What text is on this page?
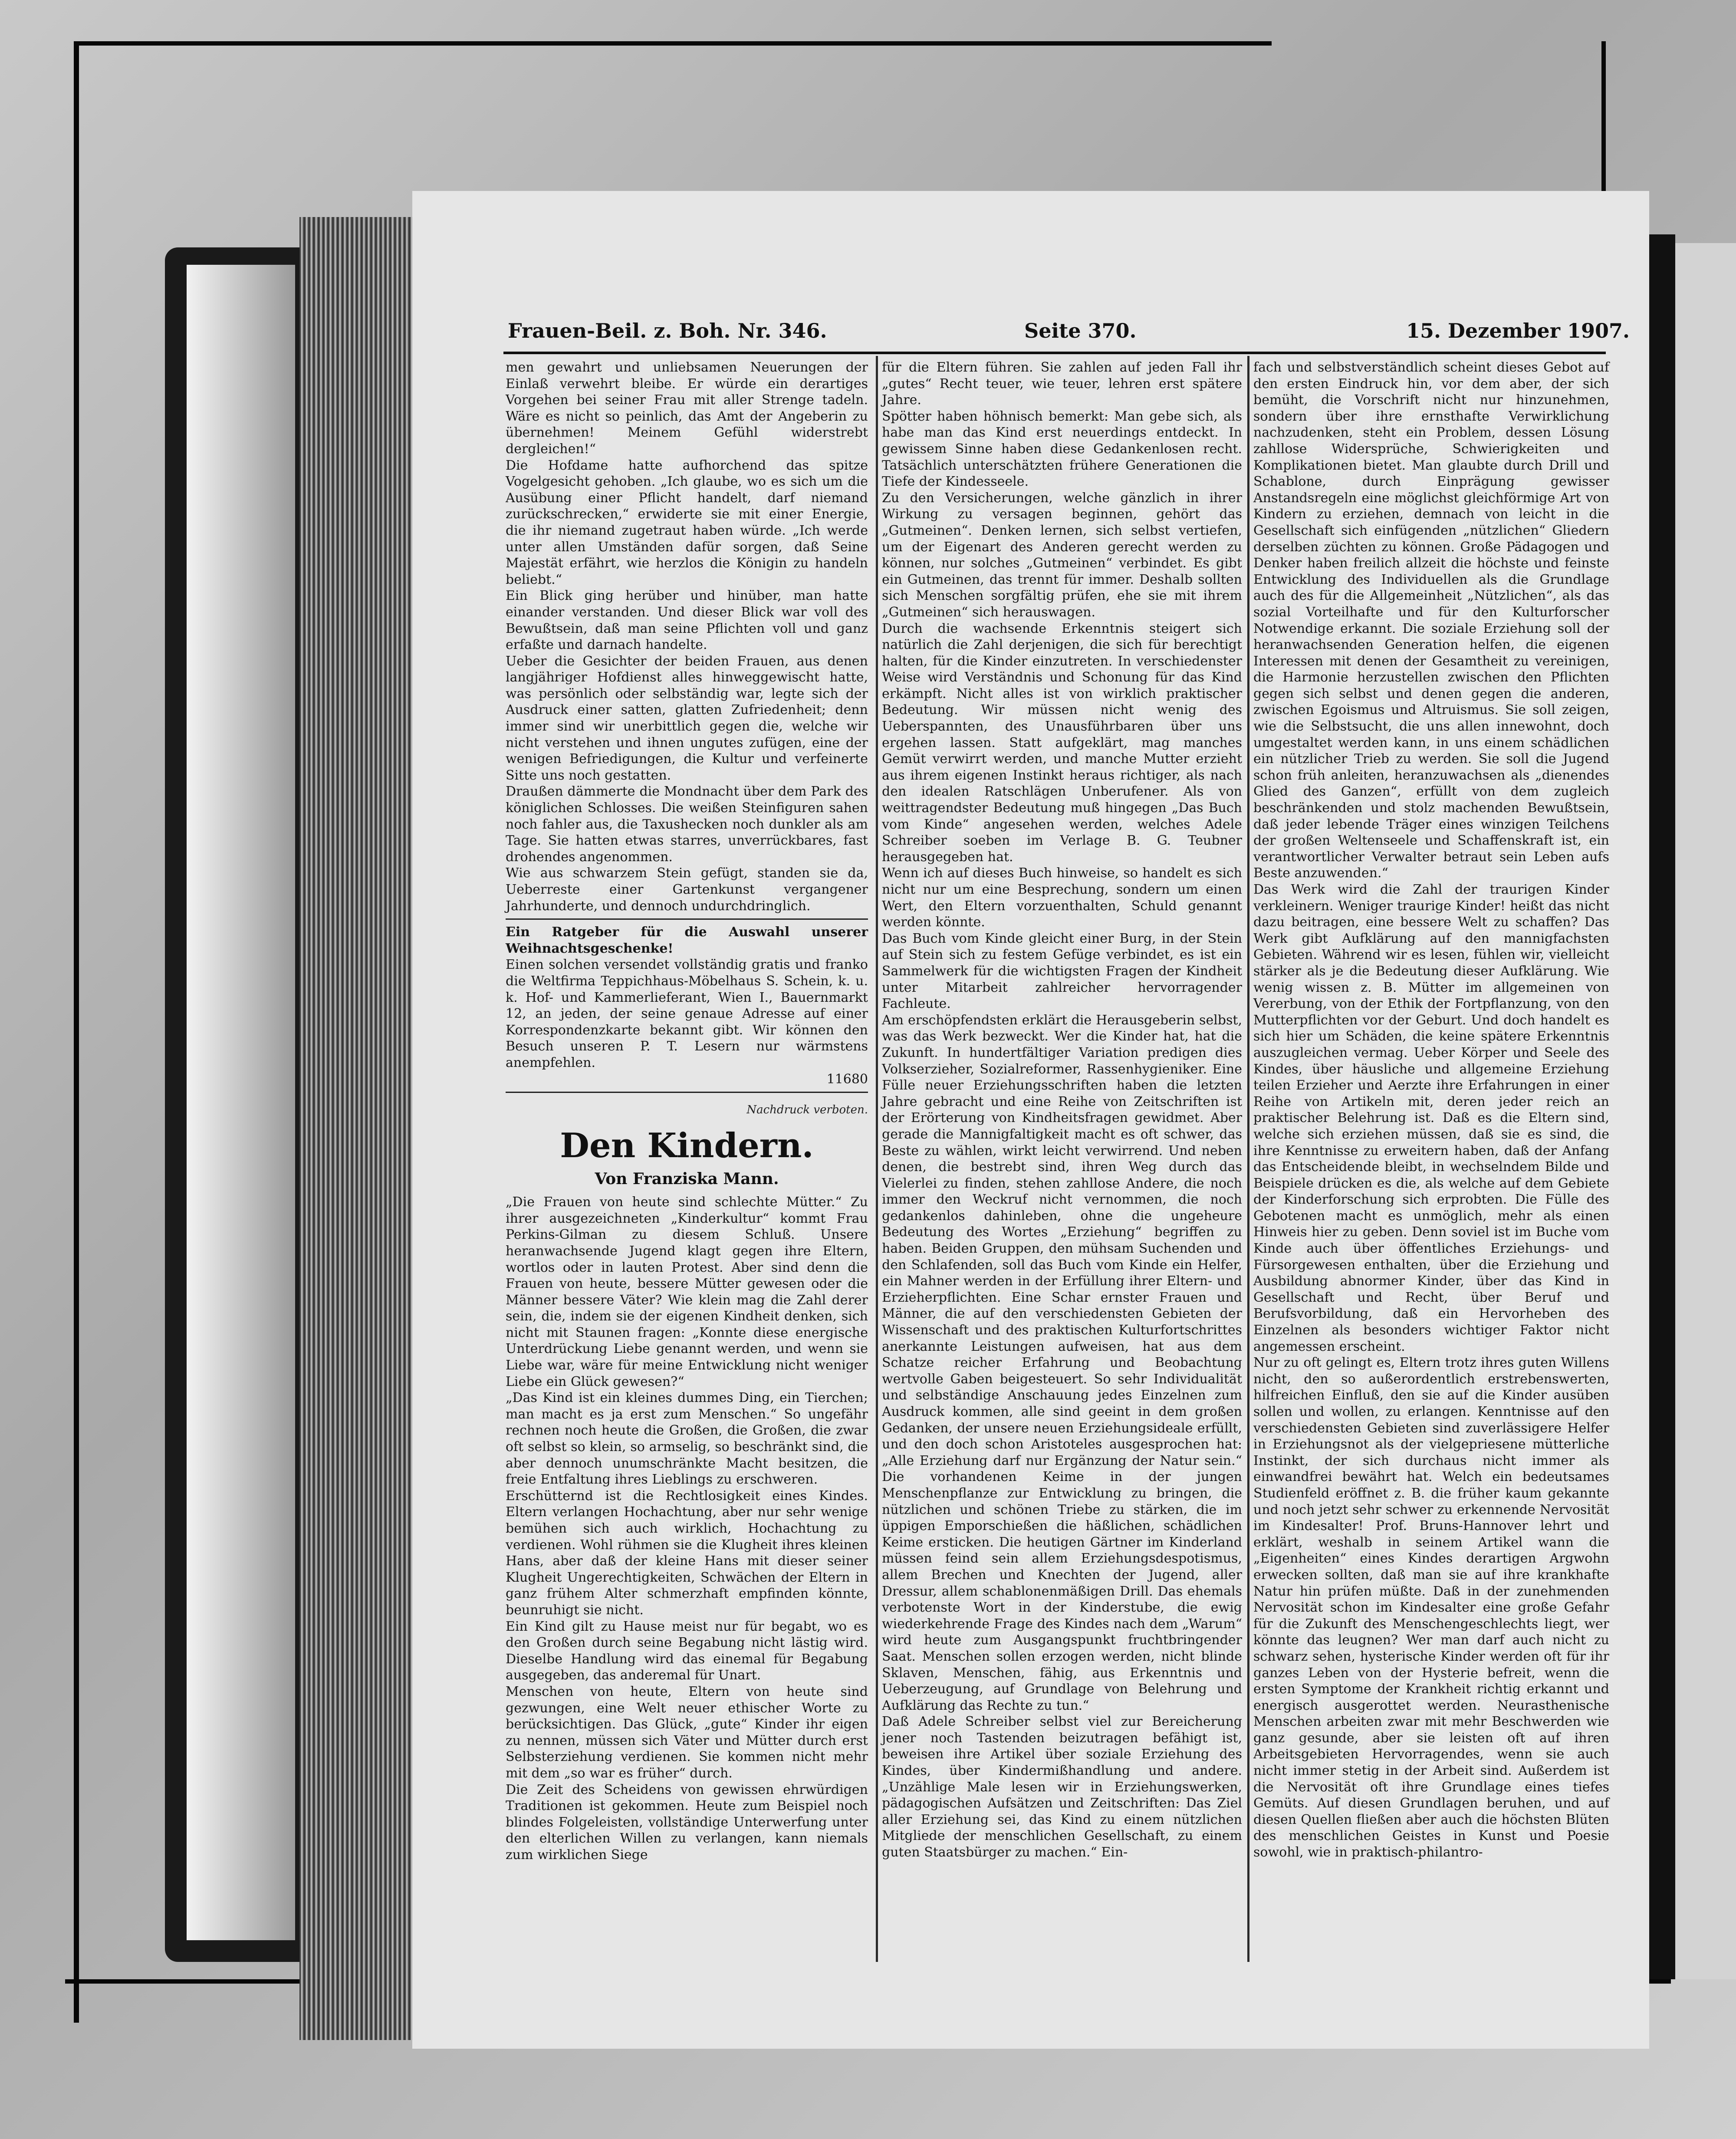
Frauen-Beil. z. Boh. Nr. 346.	Seite 370.	15. Dezember 1907.

men gewahrt und unliebsamen Neuerungen der Einlaß verwehrt bleibe. Er würde ein derartiges Vorgehen bei seiner Frau mit aller Strenge tadeln. Wäre es nicht so peinlich, das Amt der Angeberin zu übernehmen! Meinem Gefühl widerstrebt dergleichen!“

Die Hofdame hatte aufhorchend das spitze Vogelgesicht gehoben. „Ich glaube, wo es sich um die Ausübung einer Pflicht handelt, darf niemand zurückschrecken,“ erwiderte sie mit einer Energie, die ihr niemand zugetraut haben würde. „Ich werde unter allen Umständen dafür sorgen, daß Seine Majestät erfährt, wie herzlos die Königin zu handeln beliebt.“

Ein Blick ging herüber und hinüber, man hatte einander verstanden. Und dieser Blick war voll des Bewußtsein, daß man seine Pflichten voll und ganz erfaßte und darnach handelte.

Ueber die Gesichter der beiden Frauen, aus denen langjähriger Hofdienst alles hinweggewischt hatte, was persönlich oder selbständig war, legte sich der Ausdruck einer satten, glatten Zufriedenheit; denn immer sind wir unerbittlich gegen die, welche wir nicht verstehen und ihnen ungutes zufügen, eine der wenigen Befriedigungen, die Kultur und verfeinerte Sitte uns noch gestatten.

Draußen dämmerte die Mondnacht über dem Park des königlichen Schlosses. Die weißen Steinfiguren sahen noch fahler aus, die Taxushecken noch dunkler als am Tage. Sie hatten etwas starres, unverrückbares, fast drohendes angenommen.

Wie aus schwarzem Stein gefügt, standen sie da, Ueberreste einer Gartenkunst vergangener Jahrhunderte, und dennoch undurchdringlich.

Ein Ratgeber für die Auswahl unserer Weihnachtsgeschenke!

Einen solchen versendet vollständig gratis und franko die Weltfirma Teppichhaus-Möbelhaus S. Schein, k. u. k. Hof- und Kammerlieferant, Wien I., Bauernmarkt 12, an jeden, der seine genaue Adresse auf einer Korrespondenzkarte bekannt gibt. Wir können den Besuch unseren P. T. Lesern nur wärmstens anempfehlen.

11680

Nachdruck verboten.

Den Kindern.
Von Franziska Mann.

„Die Frauen von heute sind schlechte Mütter.“ Zu ihrer ausgezeichneten „Kinderkultur“ kommt Frau Perkins-Gilman zu diesem Schluß. Unsere heranwachsende Jugend klagt gegen ihre Eltern, wortlos oder in lauten Protest. Aber sind denn die Frauen von heute, bessere Mütter gewesen oder die Männer bessere Väter? Wie klein mag die Zahl derer sein, die, indem sie der eigenen Kindheit denken, sich nicht mit Staunen fragen: „Konnte diese energische Unterdrückung Liebe genannt werden, und wenn sie Liebe war, wäre für meine Entwicklung nicht weniger Liebe ein Glück gewesen?“

„Das Kind ist ein kleines dummes Ding, ein Tierchen; man macht es ja erst zum Menschen.“ So ungefähr rechnen noch heute die Großen, die Großen, die zwar oft selbst so klein, so armselig, so beschränkt sind, die aber dennoch unumschränkte Macht besitzen, die freie Entfaltung ihres Lieblings zu erschweren.

Erschütternd ist die Rechtlosigkeit eines Kindes. Eltern verlangen Hochachtung, aber nur sehr wenige bemühen sich auch wirklich, Hochachtung zu verdienen. Wohl rühmen sie die Klugheit ihres kleinen Hans, aber daß der kleine Hans mit dieser seiner Klugheit Ungerechtigkeiten, Schwächen der Eltern in ganz frühem Alter schmerzhaft empfinden könnte, beunruhigt sie nicht.

Ein Kind gilt zu Hause meist nur für begabt, wo es den Großen durch seine Begabung nicht lästig wird. Dieselbe Handlung wird das einemal für Begabung ausgegeben, das anderemal für Unart.

Menschen von heute, Eltern von heute sind gezwungen, eine Welt neuer ethischer Worte zu berücksichtigen. Das Glück, „gute“ Kinder ihr eigen zu nennen, müssen sich Väter und Mütter durch erst Selbsterziehung verdienen. Sie kommen nicht mehr mit dem „so war es früher“ durch.

Die Zeit des Scheidens von gewissen ehrwürdigen Traditionen ist gekommen. Heute zum Beispiel noch blindes Folgeleisten, vollständige Unterwerfung unter den elterlichen Willen zu verlangen, kann niemals zum wirklichen Siege

für die Eltern führen. Sie zahlen auf jeden Fall ihr „gutes“ Recht teuer, wie teuer, lehren erst spätere Jahre.

Spötter haben höhnisch bemerkt: Man gebe sich, als habe man das Kind erst neuerdings entdeckt. In gewissem Sinne haben diese Gedankenlosen recht. Tatsächlich unterschätzten frühere Generationen die Tiefe der Kindesseele.

Zu den Versicherungen, welche gänzlich in ihrer Wirkung zu versagen beginnen, gehört das „Gutmeinen“. Denken lernen, sich selbst vertiefen, um der Eigenart des Anderen gerecht werden zu können, nur solches „Gutmeinen“ verbindet. Es gibt ein Gutmeinen, das trennt für immer. Deshalb sollten sich Menschen sorgfältig prüfen, ehe sie mit ihrem „Gutmeinen“ sich herauswagen.

Durch die wachsende Erkenntnis steigert sich natürlich die Zahl derjenigen, die sich für berechtigt halten, für die Kinder einzutreten. In verschiedenster Weise wird Verständnis und Schonung für das Kind erkämpft. Nicht alles ist von wirklich praktischer Bedeutung. Wir müssen nicht wenig des Ueberspannten, des Unausführbaren über uns ergehen lassen. Statt aufgeklärt, mag manches Gemüt verwirrt werden, und manche Mutter erzieht aus ihrem eigenen Instinkt heraus richtiger, als nach den idealen Ratschlägen Unberufener. Als von weittragendster Bedeutung muß hingegen „Das Buch vom Kinde“ angesehen werden, welches Adele Schreiber soeben im Verlage B. G. Teubner herausgegeben hat.

Wenn ich auf dieses Buch hinweise, so handelt es sich nicht nur um eine Besprechung, sondern um einen Wert, den Eltern vorzuenthalten, Schuld genannt werden könnte.

Das Buch vom Kinde gleicht einer Burg, in der Stein auf Stein sich zu festem Gefüge verbindet, es ist ein Sammelwerk für die wichtigsten Fragen der Kindheit unter Mitarbeit zahlreicher hervorragender Fachleute.

Am erschöpfendsten erklärt die Herausgeberin selbst, was das Werk bezweckt. Wer die Kinder hat, hat die Zukunft. In hundertfältiger Variation predigen dies Volkserzieher, Sozialreformer, Rassenhygieniker. Eine Fülle neuer Erziehungsschriften haben die letzten Jahre gebracht und eine Reihe von Zeitschriften ist der Erörterung von Kindheitsfragen gewidmet. Aber gerade die Mannigfaltigkeit macht es oft schwer, das Beste zu wählen, wirkt leicht verwirrend. Und neben denen, die bestrebt sind, ihren Weg durch das Vielerlei zu finden, stehen zahllose Andere, die noch immer den Weckruf nicht vernommen, die noch gedankenlos dahinleben, ohne die ungeheure Bedeutung des Wortes „Erziehung“ begriffen zu haben. Beiden Gruppen, den mühsam Suchenden und den Schlafenden, soll das Buch vom Kinde ein Helfer, ein Mahner werden in der Erfüllung ihrer Eltern- und Erzieherpflichten. Eine Schar ernster Frauen und Männer, die auf den verschiedensten Gebieten der Wissenschaft und des praktischen Kulturfortschrittes anerkannte Leistungen aufweisen, hat aus dem Schatze reicher Erfahrung und Beobachtung wertvolle Gaben beigesteuert. So sehr Individualität und selbständige Anschauung jedes Einzelnen zum Ausdruck kommen, alle sind geeint in dem großen Gedanken, der unsere neuen Erziehungsideale erfüllt, und den doch schon Aristoteles ausgesprochen hat: „Alle Erziehung darf nur Ergänzung der Natur sein.“ Die vorhandenen Keime in der jungen Menschenpflanze zur Entwicklung zu bringen, die nützlichen und schönen Triebe zu stärken, die im üppigen Emporschießen die häßlichen, schädlichen Keime ersticken. Die heutigen Gärtner im Kinderland müssen feind sein allem Erziehungsdespotismus, allem Brechen und Knechten der Jugend, aller Dressur, allem schablonenmäßigen Drill. Das ehemals verbotenste Wort in der Kinderstube, die ewig wiederkehrende Frage des Kindes nach dem „Warum“ wird heute zum Ausgangspunkt fruchtbringender Saat. Menschen sollen erzogen werden, nicht blinde Sklaven, Menschen, fähig, aus Erkenntnis und Ueberzeugung, auf Grundlage von Belehrung und Aufklärung das Rechte zu tun.“

Daß Adele Schreiber selbst viel zur Bereicherung jener noch Tastenden beizutragen befähigt ist, beweisen ihre Artikel über soziale Erziehung des Kindes, über Kindermißhandlung und andere. „Unzählige Male lesen wir in Erziehungswerken, pädagogischen Aufsätzen und Zeitschriften: Das Ziel aller Erziehung sei, das Kind zu einem nützlichen Mitgliede der menschlichen Gesellschaft, zu einem guten Staatsbürger zu machen.“ Ein-

fach und selbstverständlich scheint dieses Gebot auf den ersten Eindruck hin, vor dem aber, der sich bemüht, die Vorschrift nicht nur hinzunehmen, sondern über ihre ernsthafte Verwirklichung nachzudenken, steht ein Problem, dessen Lösung zahllose Widersprüche, Schwierigkeiten und Komplikationen bietet. Man glaubte durch Drill und Schablone, durch Einprägung gewisser Anstandsregeln eine möglichst gleichförmige Art von Kindern zu erziehen, demnach von leicht in die Gesellschaft sich einfügenden „nützlichen“ Gliedern derselben züchten zu können. Große Pädagogen und Denker haben freilich allzeit die höchste und feinste Entwicklung des Individuellen als die Grundlage auch des für die Allgemeinheit „Nützlichen“, als das sozial Vorteilhafte und für den Kulturforscher Notwendige erkannt. Die soziale Erziehung soll der heranwachsenden Generation helfen, die eigenen Interessen mit denen der Gesamtheit zu vereinigen, die Harmonie herzustellen zwischen den Pflichten gegen sich selbst und denen gegen die anderen, zwischen Egoismus und Altruismus. Sie soll zeigen, wie die Selbstsucht, die uns allen innewohnt, doch umgestaltet werden kann, in uns einem schädlichen ein nützlicher Trieb zu werden. Sie soll die Jugend schon früh anleiten, heranzuwachsen als „dienendes Glied des Ganzen“, erfüllt von dem zugleich beschränkenden und stolz machenden Bewußtsein, daß jeder lebende Träger eines winzigen Teilchens der großen Weltenseele und Schaffenskraft ist, ein verantwortlicher Verwalter betraut sein Leben aufs Beste anzuwenden.“

Das Werk wird die Zahl der traurigen Kinder verkleinern. Weniger traurige Kinder! heißt das nicht dazu beitragen, eine bessere Welt zu schaffen? Das Werk gibt Aufklärung auf den mannigfachsten Gebieten. Während wir es lesen, fühlen wir, vielleicht stärker als je die Bedeutung dieser Aufklärung. Wie wenig wissen z. B. Mütter im allgemeinen von Vererbung, von der Ethik der Fortpflanzung, von den Mutterpflichten vor der Geburt. Und doch handelt es sich hier um Schäden, die keine spätere Erkenntnis auszugleichen vermag. Ueber Körper und Seele des Kindes, über häusliche und allgemeine Erziehung teilen Erzieher und Aerzte ihre Erfahrungen in einer Reihe von Artikeln mit, deren jeder reich an praktischer Belehrung ist. Daß es die Eltern sind, welche sich erziehen müssen, daß sie es sind, die ihre Kenntnisse zu erweitern haben, daß der Anfang das Entscheidende bleibt, in wechselndem Bilde und Beispiele drücken es die, als welche auf dem Gebiete der Kinderforschung sich erprobten. Die Fülle des Gebotenen macht es unmöglich, mehr als einen Hinweis hier zu geben. Denn soviel ist im Buche vom Kinde auch über öffentliches Erziehungs- und Fürsorgewesen enthalten, über die Erziehung und Ausbildung abnormer Kinder, über das Kind in Gesellschaft und Recht, über Beruf und Berufsvorbildung, daß ein Hervorheben des Einzelnen als besonders wichtiger Faktor nicht angemessen erscheint.

Nur zu oft gelingt es, Eltern trotz ihres guten Willens nicht, den so außerordentlich erstrebenswerten, hilfreichen Einfluß, den sie auf die Kinder ausüben sollen und wollen, zu erlangen. Kenntnisse auf den verschiedensten Gebieten sind zuverlässigere Helfer in Erziehungsnot als der vielgepriesene mütterliche Instinkt, der sich durchaus nicht immer als einwandfrei bewährt hat. Welch ein bedeutsames Studienfeld eröffnet z. B. die früher kaum gekannte und noch jetzt sehr schwer zu erkennende Nervosität im Kindesalter! Prof. Bruns-Hannover lehrt und erklärt, weshalb in seinem Artikel wann die „Eigenheiten“ eines Kindes derartigen Argwohn erwecken sollten, daß man sie auf ihre krankhafte Natur hin prüfen müßte. Daß in der zunehmenden Nervosität schon im Kindesalter eine große Gefahr für die Zukunft des Menschengeschlechts liegt, wer könnte das leugnen? Wer man darf auch nicht zu schwarz sehen, hysterische Kinder werden oft für ihr ganzes Leben von der Hysterie befreit, wenn die ersten Symptome der Krankheit richtig erkannt und energisch ausgerottet werden. Neurasthenische Menschen arbeiten zwar mit mehr Beschwerden wie ganz gesunde, aber sie leisten oft auf ihren Arbeitsgebieten Hervorragendes, wenn sie auch nicht immer stetig in der Arbeit sind. Außerdem ist die Nervosität oft ihre Grundlage eines tiefes Gemüts. Auf diesen Grundlagen beruhen, und auf diesen Quellen fließen aber auch die höchsten Blüten des menschlichen Geistes in Kunst und Poesie sowohl, wie in praktisch-philantro-
